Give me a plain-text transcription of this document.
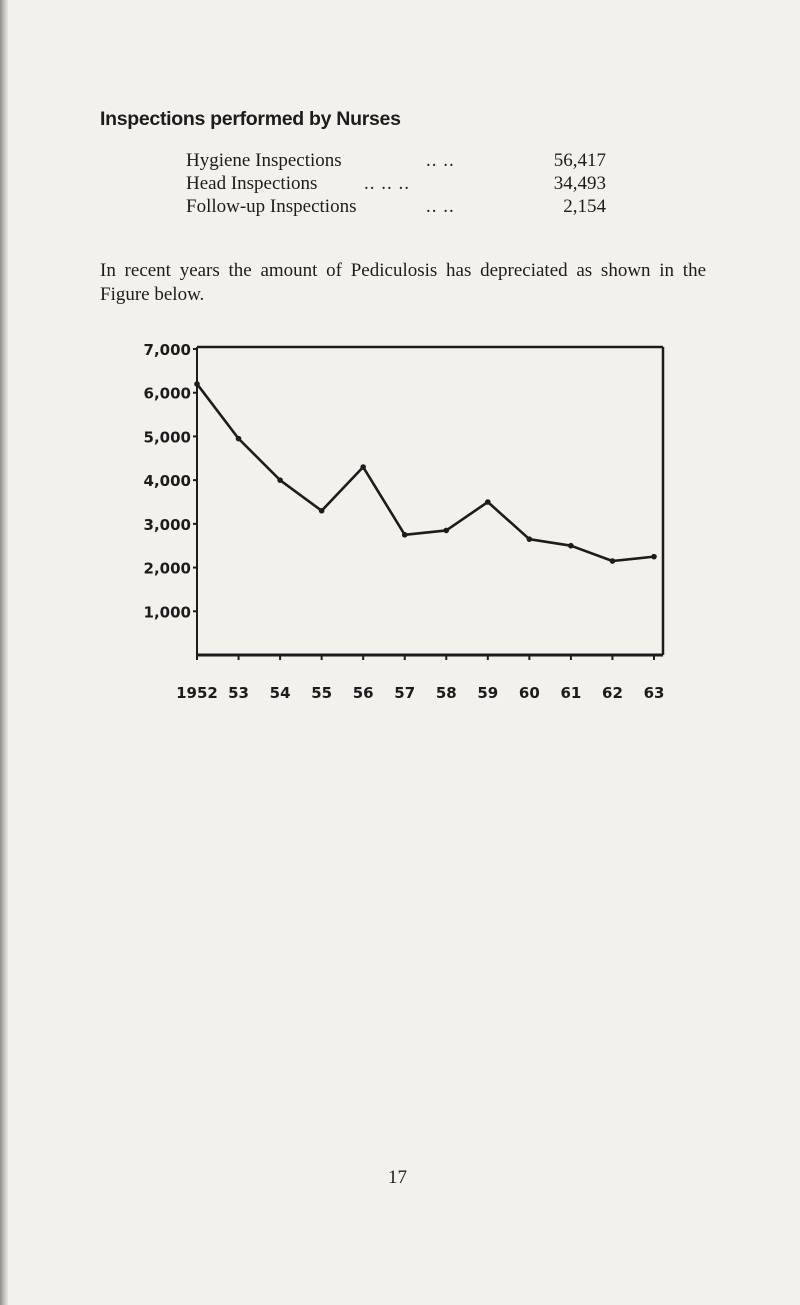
Inspections performed by Nurses
Hygiene Inspections	.. ..	56,417
Head Inspections .. .. ..	34,493
Follow-up Inspections	.. ..	2,154
In recent years the amount of Pediculosis has depreciated as shown in the Figure below.
7,000
6,000
5,000
4,000
3,000
2,000
1,000
1952 53 54 55 56 57 58 59 60 61 62 63
17
